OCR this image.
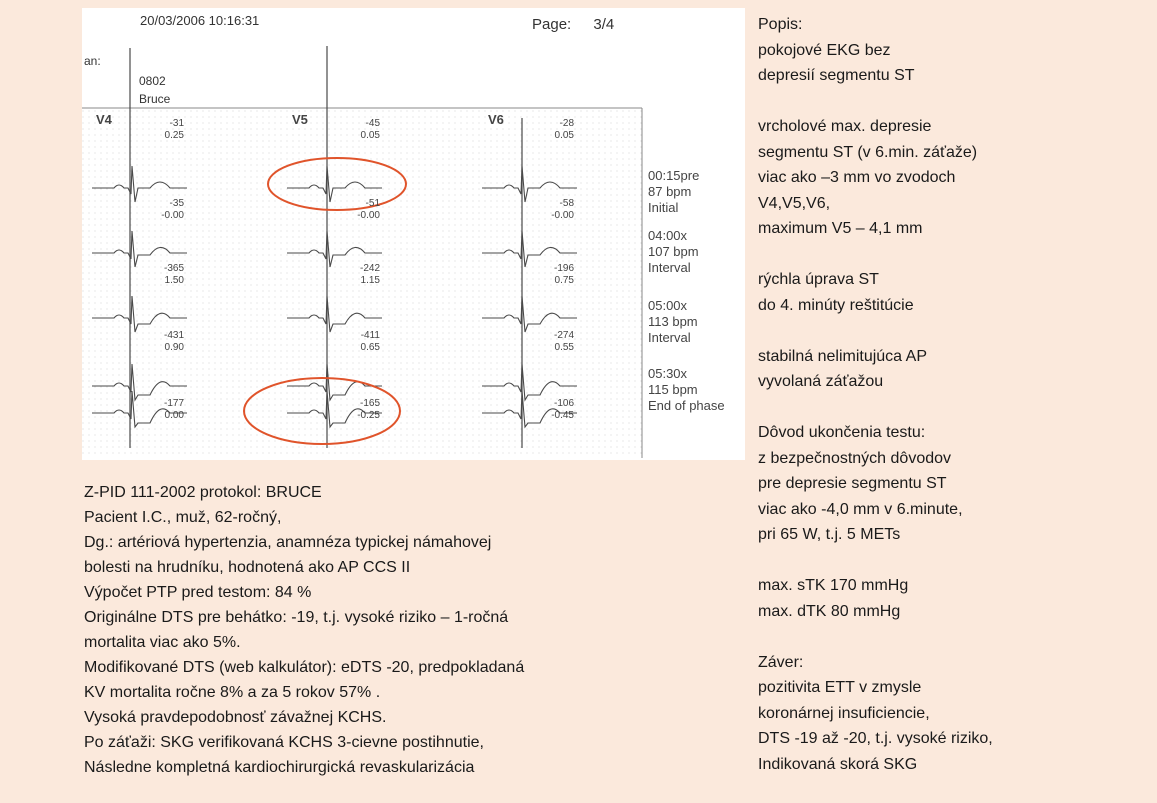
20/03/2006 10:16:31	Page: 3/4
an:
0802
Bruce
V4	V5	V6
-31
0.25
-45
0.05
-28
0.05
-35
-0.00
-51
-0.00
-58
-0.00
-365
1.50
-242
1.15
-196
0.75
-431
0.90
-411
0.65
-274
0.55
-177
0.00
-165
-0.25
-106
-0.45
00:15pre
87 bpm
Initial
04:00x
107 bpm
Interval
05:00x
113 bpm
Interval
05:30x
115 bpm
End of phase
Popis:
pokojové EKG bez
depresií segmentu ST
vrcholové max. depresie
segmentu ST (v 6.min. záťaže)
viac ako –3 mm vo zvodoch
V4,V5,V6,
maximum V5 – 4,1 mm
rýchla úprava ST
do 4. minúty reštitúcie
stabilná nelimitujúca AP
vyvolaná záťažou
Dôvod ukončenia testu:
z bezpečnostných dôvodov
pre depresie segmentu ST
viac ako -4,0 mm v 6.minute,
pri 65 W, t.j. 5 METs
max. sTK 170 mmHg
max. dTK 80 mmHg
Záver:
pozitivita ETT v zmysle
koronárnej insuficiencie,
DTS -19 až -20, t.j. vysoké riziko,
Indikovaná skorá SKG
Z-PID 111-2002 protokol: BRUCE
Pacient I.C., muž, 62-ročný,
Dg.: artériová hypertenzia, anamnéza typickej námahovej
bolesti na hrudníku, hodnotená ako AP CCS II
Výpočet PTP pred testom: 84 %
Originálne DTS pre behátko: -19, t.j. vysoké riziko – 1-ročná
mortalita viac ako 5%.
Modifikované DTS (web kalkulátor): eDTS -20, predpokladaná
KV mortalita ročne 8% a za 5 rokov 57% .
Vysoká pravdepodobnosť závažnej KCHS.
Po záťaži: SKG verifikovaná KCHS 3-cievne postihnutie,
Následne kompletná kardiochirurgická revaskularizácia
